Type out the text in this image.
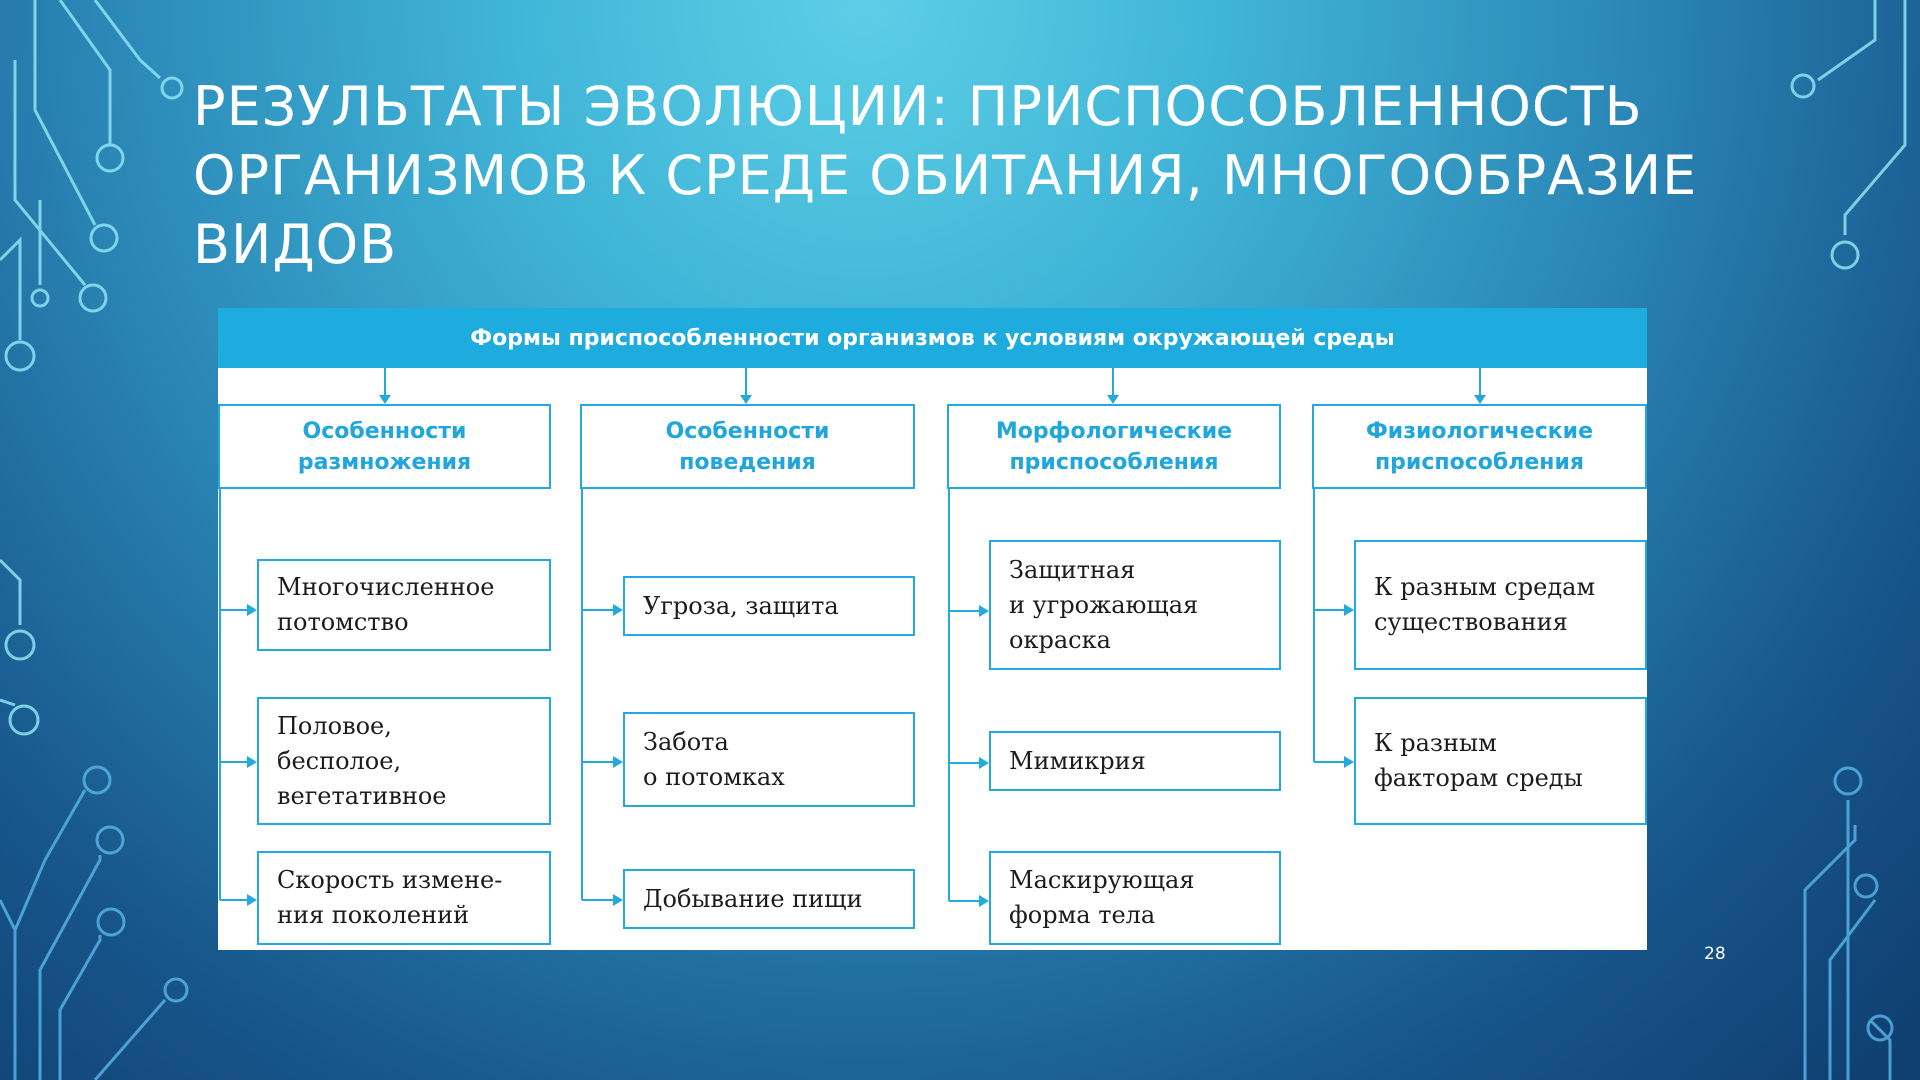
РЕЗУЛЬТАТЫ ЭВОЛЮЦИИ: ПРИСПОСОБЛЕННОСТЬ
ОРГАНИЗМОВ К СРЕДЕ ОБИТАНИЯ, МНОГООБРАЗИЕ
ВИДОВ
Формы приспособленности организмов к условиям окружающей среды
Особенности
размножения
Особенности
поведения
Морфологические
приспособления
Физиологические
приспособления
Многочисленное
потомство
Половое,
бесполое,
вегетативное
Скорость измене-
ния поколений
Угроза, защита
Забота
о потомках
Добывание пищи
Защитная
и угрожающая
окраска
Мимикрия
Маскирующая
форма тела
К разным средам
существования
К разным
факторам среды
28
